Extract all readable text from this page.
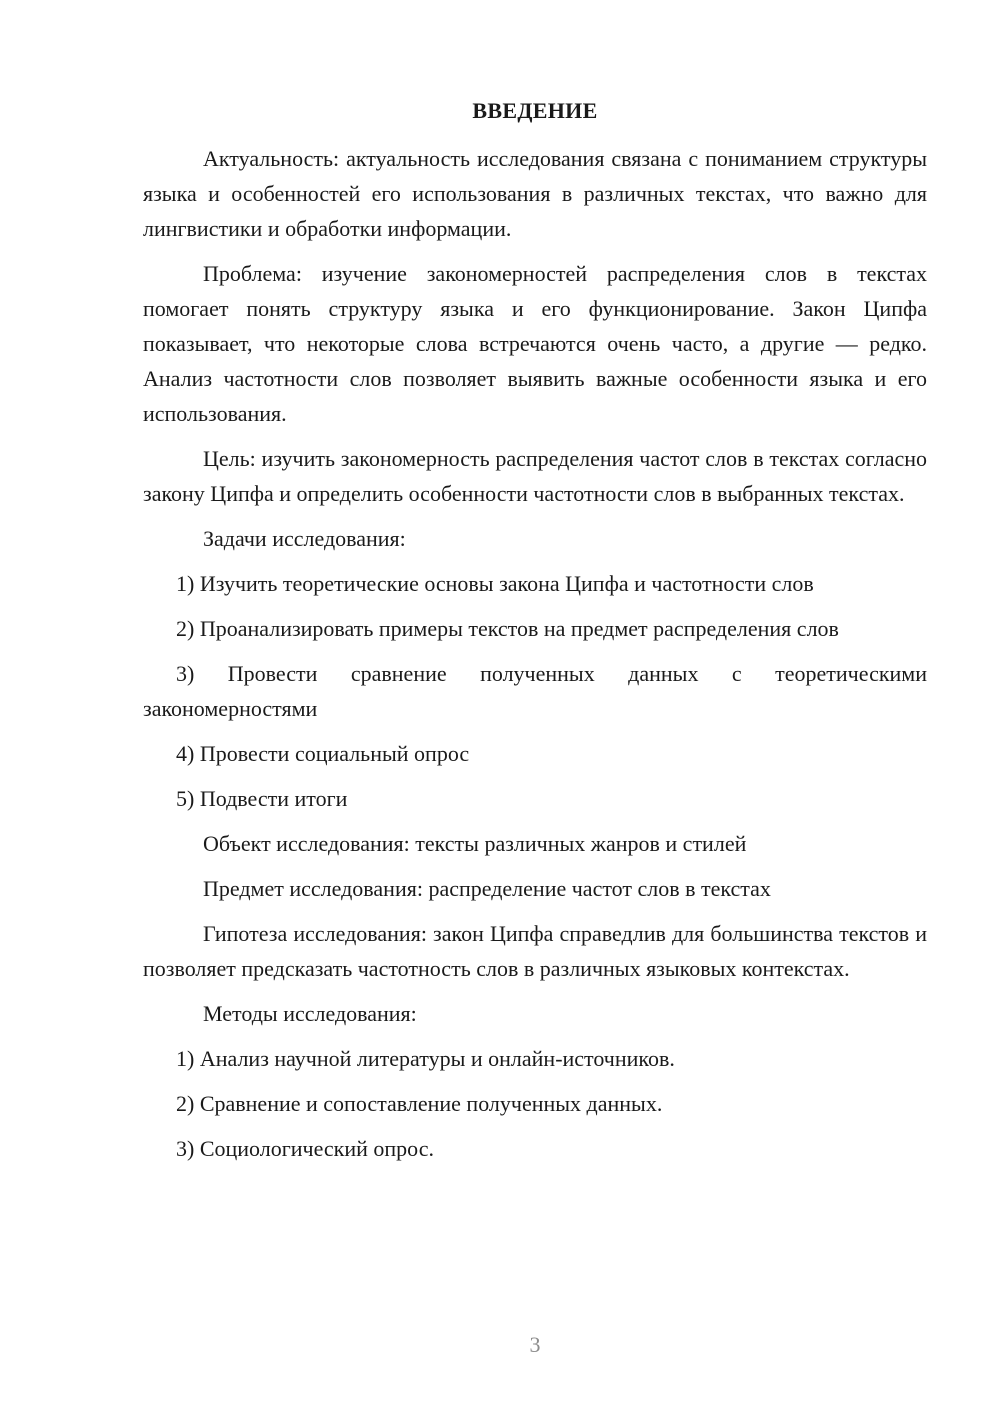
ВВЕДЕНИЕ

Актуальность: актуальность исследования связана с пониманием структуры языка и особенностей его использования в различных текстах, что важно для лингвистики и обработки информации.

Проблема: изучение закономерностей распределения слов в текстах помогает понять структуру языка и его функционирование. Закон Ципфа показывает, что некоторые слова встречаются очень часто, а другие — редко. Анализ частотности слов позволяет выявить важные особенности языка и его использования.

Цель: изучить закономерность распределения частот слов в текстах согласно закону Ципфа и определить особенности частотности слов в выбранных текстах.

Задачи исследования:

1) Изучить теоретические основы закона Ципфа и частотности слов

2) Проанализировать примеры текстов на предмет распределения слов

3) Провести сравнение полученных данных с теоретическими закономерностями

4) Провести социальный опрос

5) Подвести итоги

Объект исследования: тексты различных жанров и стилей

Предмет исследования: распределение частот слов в текстах

Гипотеза исследования: закон Ципфа справедлив для большинства текстов и позволяет предсказать частотность слов в различных языковых контекстах.

Методы исследования:

1) Анализ научной литературы и онлайн-источников.

2) Сравнение и сопоставление полученных данных.

3) Социологический опрос.

3
